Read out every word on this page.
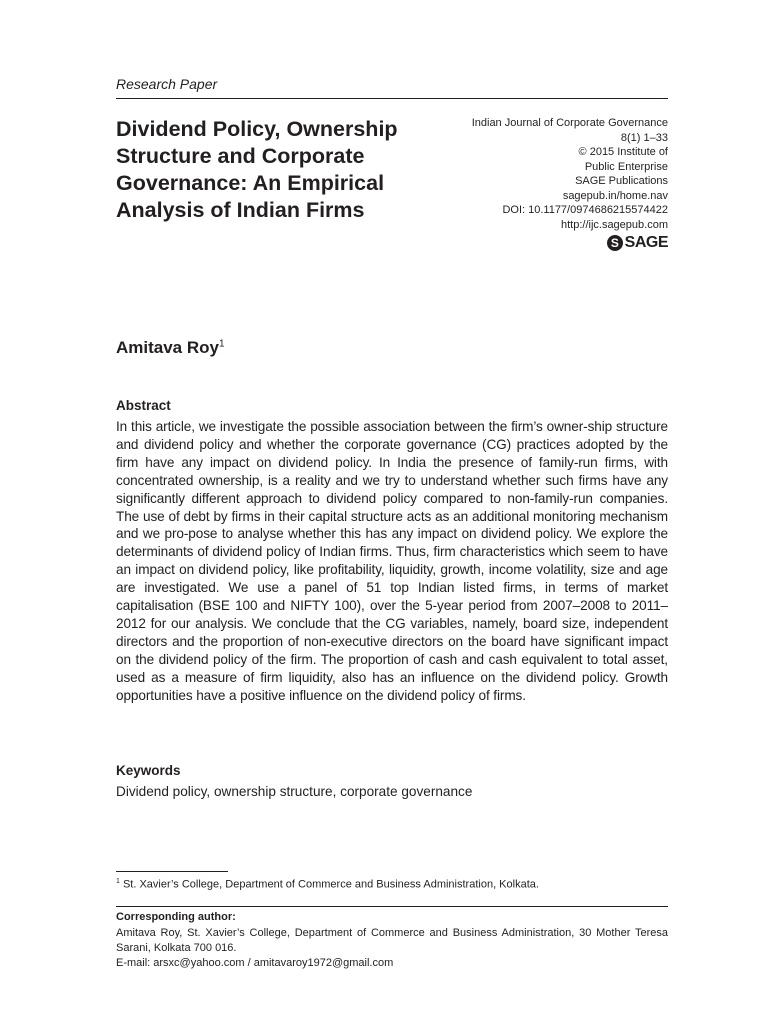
Research Paper
Dividend Policy, Ownership Structure and Corporate Governance: An Empirical Analysis of Indian Firms
Indian Journal of Corporate Governance
8(1) 1–33
© 2015 Institute of
Public Enterprise
SAGE Publications
sagepub.in/home.nav
DOI: 10.1177/0974686215574422
http://ijc.sagepub.com
S SAGE
Amitava Roy$^1$
Abstract

In this article, we investigate the possible association between the firm’s owner-ship structure and dividend policy and whether the corporate governance (CG) practices adopted by the firm have any impact on dividend policy. In India the presence of family-run firms, with concentrated ownership, is a reality and we try to understand whether such firms have any significantly different approach to dividend policy compared to non-family-run companies. The use of debt by firms in their capital structure acts as an additional monitoring mechanism and we pro-pose to analyse whether this has any impact on dividend policy. We explore the determinants of dividend policy of Indian firms. Thus, firm characteristics which seem to have an impact on dividend policy, like profitability, liquidity, growth, income volatility, size and age are investigated. We use a panel of 51 top Indian listed firms, in terms of market capitalisation (BSE 100 and NIFTY 100), over the 5-year period from 2007–2008 to 2011–2012 for our analysis. We conclude that the CG variables, namely, board size, independent directors and the proportion of non-executive directors on the board have significant impact on the dividend policy of the firm. The proportion of cash and cash equivalent to total asset, used as a measure of firm liquidity, also has an influence on the dividend policy. Growth opportunities have a positive influence on the dividend policy of firms.

Keywords
Dividend policy, ownership structure, corporate governance
$^1$ St. Xavier’s College, Department of Commerce and Business Administration, Kolkata.
Corresponding author:

Amitava Roy, St. Xavier’s College, Department of Commerce and Business Administration, 30 Mother Teresa Sarani, Kolkata 700 016.

E-mail: arsxc@yahoo.com / amitavaroy1972@gmail.com
